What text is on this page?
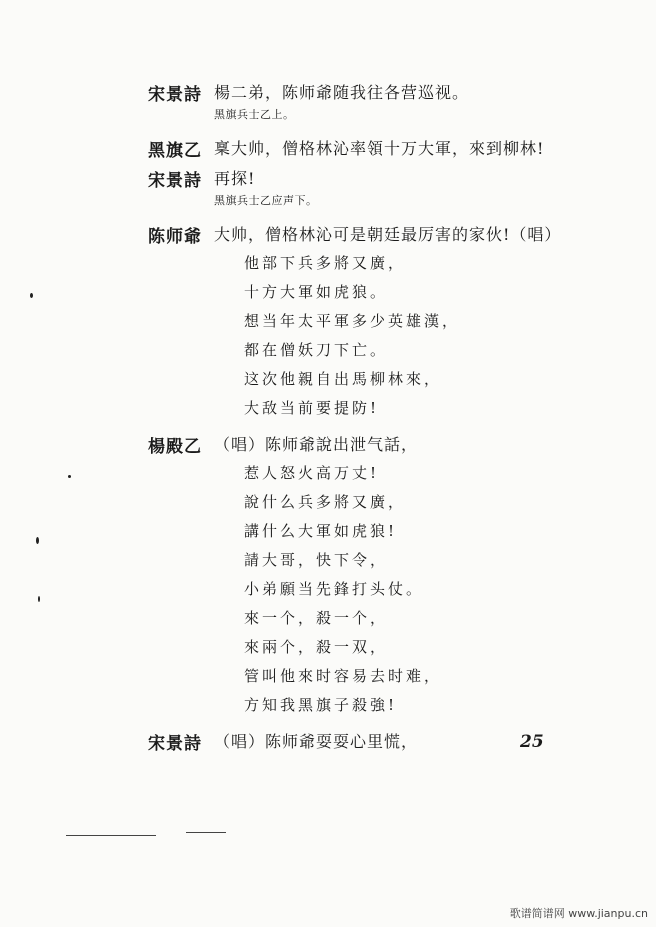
宋景詩 楊二弟，陈师爺随我往各营巡视。
黑旗兵士乙上。
黑旗乙 稟大帅，僧格林沁率領十万大軍，來到柳林!
宋景詩 再探!
黑旗兵士乙应声下。
陈师爺 大帅，僧格林沁可是朝廷最厉害的家伙!（唱）
他部下兵多將又廣，
十方大軍如虎狼。
想当年太平軍多少英雄漢，
都在僧妖刀下亡。
这次他親自出馬柳林來，
大敌当前要提防!
楊殿乙 （唱）陈师爺說出泄气話，
惹人怒火高万丈!
說什么兵多將又廣，
講什么大軍如虎狼!
請大哥，快下令，
小弟願当先鋒打头仗。
來一个，殺一个，
來兩个，殺一双，
管叫他來时容易去时难，
方知我黑旗子殺強!
宋景詩 （唱）陈师爺耍耍心里慌，	25
歌谱简谱网 www.jianpu.cn
